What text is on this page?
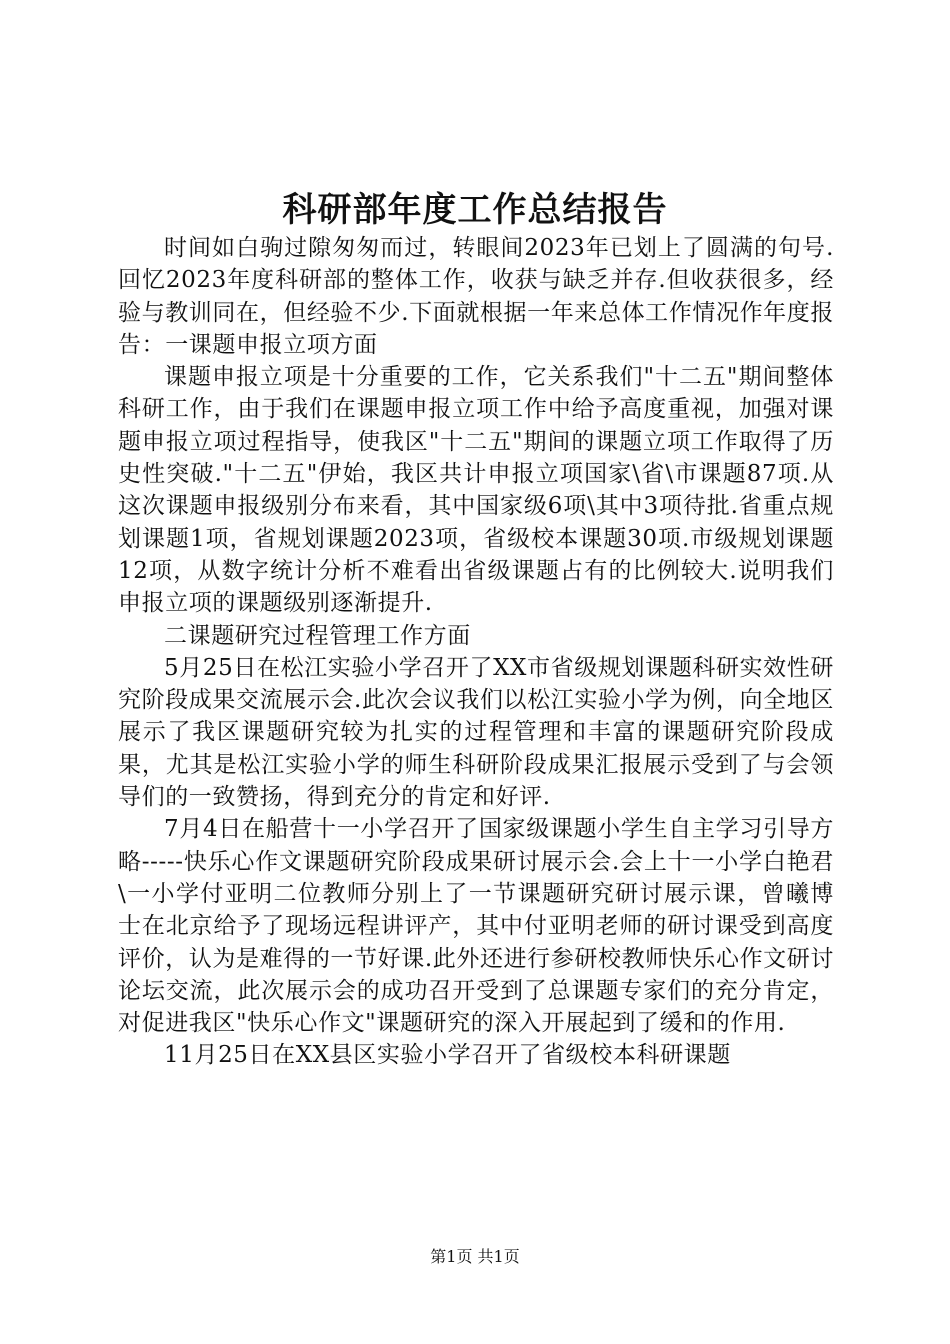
科研部年度工作总结报告

时间如白驹过隙匆匆而过，转眼间2023年已划上了圆满的句号.回忆2023年度科研部的整体工作，收获与缺乏并存.但收获很多，经验与教训同在，但经验不少.下面就根据一年来总体工作情况作年度报告：一课题申报立项方面

课题申报立项是十分重要的工作，它关系我们"十二五"期间整体科研工作，由于我们在课题申报立项工作中给予高度重视，加强对课题申报立项过程指导，使我区"十二五"期间的课题立项工作取得了历史性突破."十二五"伊始，我区共计申报立项国家\省\市课题87项.从这次课题申报级别分布来看，其中国家级6项\其中3项待批.省重点规划课题1项，省规划课题2023项，省级校本课题30项.市级规划课题12项，从数字统计分析不难看出省级课题占有的比例较大.说明我们申报立项的课题级别逐渐提升.

二课题研究过程管理工作方面

5月25日在松江实验小学召开了XX市省级规划课题科研实效性研究阶段成果交流展示会.此次会议我们以松江实验小学为例，向全地区展示了我区课题研究较为扎实的过程管理和丰富的课题研究阶段成果，尤其是松江实验小学的师生科研阶段成果汇报展示受到了与会领导们的一致赞扬，得到充分的肯定和好评.

7月4日在船营十一小学召开了国家级课题小学生自主学习引导方略-----快乐心作文课题研究阶段成果研讨展示会.会上十一小学白艳君\一小学付亚明二位教师分别上了一节课题研究研讨展示课，曾曦博士在北京给予了现场远程讲评产，其中付亚明老师的研讨课受到高度评价，认为是难得的一节好课.此外还进行参研校教师快乐心作文研讨论坛交流，此次展示会的成功召开受到了总课题专家们的充分肯定，对促进我区"快乐心作文"课题研究的深入开展起到了缓和的作用.

11月25日在XX县区实验小学召开了省级校本科研课题

第1页 共1页
